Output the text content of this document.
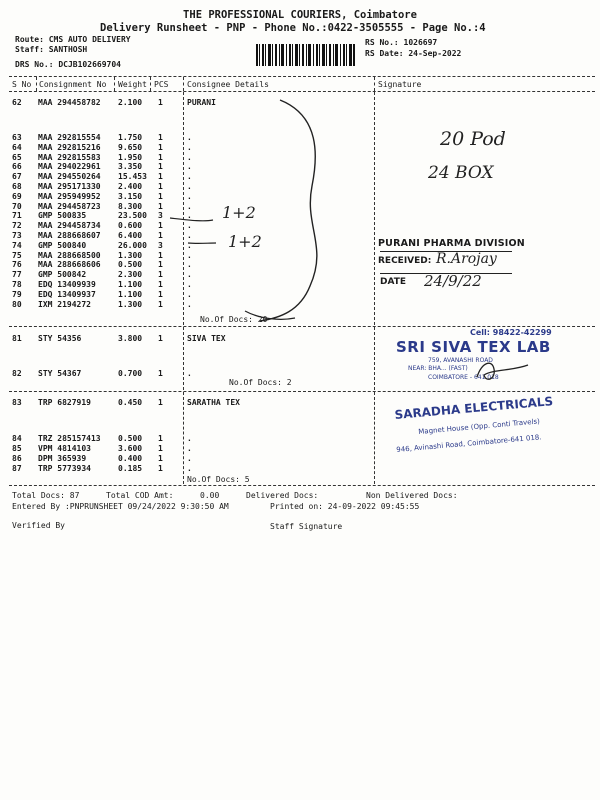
THE PROFESSIONAL COURIERS, Coimbatore
Delivery Runsheet - PNP - Phone No.:0422-3505555 - Page No.:4
Route: CMS AUTO DELIVERY
Staff: SANTHOSH
DRS No.: DCJB102669704
RS No.: 1026697
RS Date: 24-Sep-2022
S No Consignment No Weight PCS Consignee Details	Signature
62 MAA 294458782 2.100 1	PURANI
63 MAA 292815554 1.750 1	.
64 MAA 292815216 9.650 1	.
65 MAA 292815583 1.950 1	.
66 MAA 294022961 3.350 1	.
67 MAA 294550264 15.453 1	.
68 MAA 295171330 2.400 1	.
69 MAA 295949952 3.150 1	.
70 MAA 294458723 8.300 1	.
71 GMP 500835	23.500 3	.
72 MAA 294458734 0.600 1	.
73 MAA 288668607 6.400 1	.
74 GMP 500840	26.000 3	.
75 MAA 288668500 1.300 1	.
76 MAA 288668606 0.500 1	.
77 GMP 500842	2.300 1	.
78 EDQ 13409939	1.100 1	.
79 EDQ 13409937	1.100 1	.
80 IXM 2194272	1.300 1	.
No.Of Docs: 20
SIVA TEX
81 STY 54356	3.800 1
82 STY 54367	0.700 1	.
No.Of Docs: 2
SARATHA TEX
83 TRP 6827919	0.450 1
84 TRZ 285157413 0.500 1
85 VPM 4814103	3.600 1
86 DPM 365939	0.400 1
87 TRP 5773934	0.185 1
.
.
.
.
No.Of Docs: 5
20 Pod
24 BOX
1+2
1+2	PURANI PHARMA DIVISION
RECEIVED: R.Arojay
DATE 24/9/22
Cell: 98422-42299
SRI SIVA TEX LAB
759, AVANASHI ROAD
NEAR: BHA... (FAST)
COIMBATORE - 641 018
SARADHA ELECTRICALS
Magnet House (Opp. Conti Travels)
946, Avinashi Road, Coimbatore-641 018.
Total Docs: 87	Total COD Amt:	0.00	Delivered Docs:	Non Delivered Docs:
Entered By :PNPRUNSHEET 09/24/2022 9:30:50 AM	Printed on: 24-09-2022 09:45:55
Verified By	Staff Signature
